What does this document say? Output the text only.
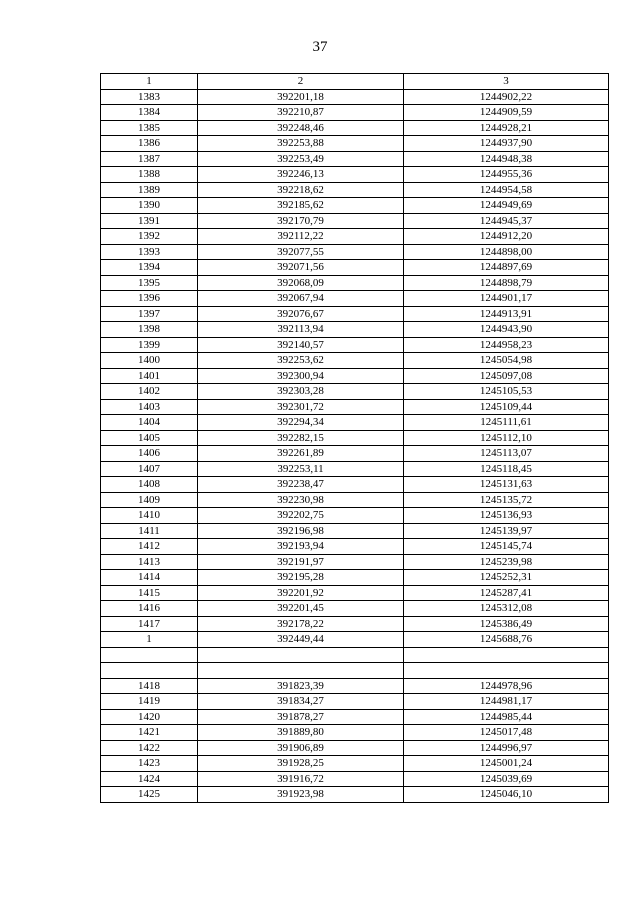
37
1	2	3
1383	392201,18	1244902,22
1384	392210,87	1244909,59
1385	392248,46	1244928,21
1386	392253,88	1244937,90
1387	392253,49	1244948,38
1388	392246,13	1244955,36
1389	392218,62	1244954,58
1390	392185,62	1244949,69
1391	392170,79	1244945,37
1392	392112,22	1244912,20
1393	392077,55	1244898,00
1394	392071,56	1244897,69
1395	392068,09	1244898,79
1396	392067,94	1244901,17
1397	392076,67	1244913,91
1398	392113,94	1244943,90
1399	392140,57	1244958,23
1400	392253,62	1245054,98
1401	392300,94	1245097,08
1402	392303,28	1245105,53
1403	392301,72	1245109,44
1404	392294,34	1245111,61
1405	392282,15	1245112,10
1406	392261,89	1245113,07
1407	392253,11	1245118,45
1408	392238,47	1245131,63
1409	392230,98	1245135,72
1410	392202,75	1245136,93
1411	392196,98	1245139,97
1412	392193,94	1245145,74
1413	392191,97	1245239,98
1414	392195,28	1245252,31
1415	392201,92	1245287,41
1416	392201,45	1245312,08
1417	392178,22	1245386,49
1	392449,44	1245688,76

1418	391823,39	1244978,96
1419	391834,27	1244981,17
1420	391878,27	1244985,44
1421	391889,80	1245017,48
1422	391906,89	1244996,97
1423	391928,25	1245001,24
1424	391916,72	1245039,69
1425	391923,98	1245046,10
